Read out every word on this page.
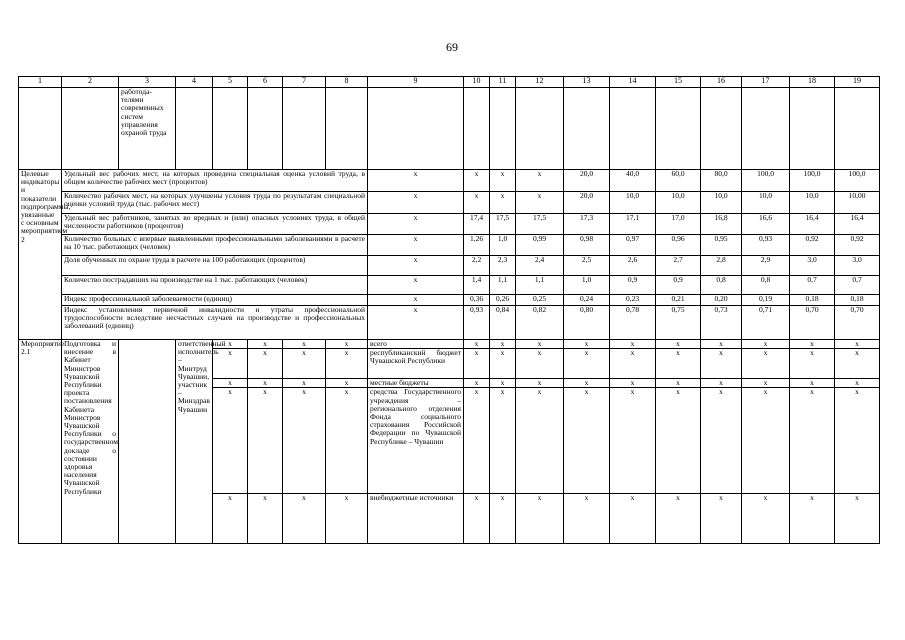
69
1	2	3	4	5	6	7	8	9	10	11	12	13	14	15	16	17	18	19	
		работода-телями современных систем управления охраной труда																	
Целевые индикаторы и показатели подпрограммы, увязанные с основным мероприятием 2	Удельный вес рабочих мест, на которых проведена специальная оценка условий труда, в общем количестве рабочих мест (процентов)							х	х	х	х	20,0	40,0	60,0	80,0	100,0	100,0	100,0	
	Количество рабочих мест, на которых улучшены условия труда по результатам специальной оценки условий труда (тыс. рабочих мест)							х	х	х	х	20,0	10,0	10,0	10,0	10,0	10,0	10,00	
	Удельный вес работников, занятых во вредных и (или) опасных условиях труда, в общей численности работников (процентов)							х	17,4	17,5	17,5	17,3	17,1	17,0	16,8	16,6	16,4	16,4	
	Количество больных с впервые выявленными профессиональными заболеваниями в расчете на 10 тыс. работающих (человек)							х	1,26	1,0	0,99	0,98	0,97	0,96	0,95	0,93	0,92	0,92	
	Доля обученных по охране труда в расчете на 100 работающих (процентов)							х	2,2	2,3	2,4	2,5	2,6	2,7	2,8	2,9	3,0	3,0	
	Количество пострадавших на производстве на 1 тыс. работающих (человек)							х	1,4	1,1	1,1	1,0	0,9	0,9	0,8	0,8	0,7	0,7	
	Индекс профессиональной заболеваемости (единиц)							х	0,36	0,26	0,25	0,24	0,23	0,21	0,20	0,19	0,18	0,18	
	Индекс установления первичной инвалидности и утраты профессиональной трудоспособности вследствие несчастных случаев на производстве и профессиональных заболеваний (единиц)							х	0,93	0,84	0,82	0,80	0,78	0,75	0,73	0,71	0,70	0,70	
Мероприятие 2.1	Подготовка и внесение в Кабинет Министров Чувашской Республики проекта постановления Кабинета Министров Чувашской Республики о государственном докладе о состоянии здоровья населения Чувашской Республики		ответственный исполнитель – Минтруд Чувашии, участник – Минздрав Чувашии	х	х	х	х	всего	х	х	х	х	х	х	х	х	х	х	
				х	х	х	х	республиканский бюджет Чувашской Республики	х	х	х	х	х	х	х	х	х	х	
				х	х	х	х	местные бюджеты	х	х	х	х	х	х	х	х	х	х	
				х	х	х	х	средства Государственного учреждения – регионального отделения Фонда социального страхования Российской Федерации по Чувашской Республике – Чувашии	х	х	х	х	х	х	х	х	х	х	
				х	х	х	х	внебюджетные источники	х	х	х	х	х	х	х	х	х	х	
